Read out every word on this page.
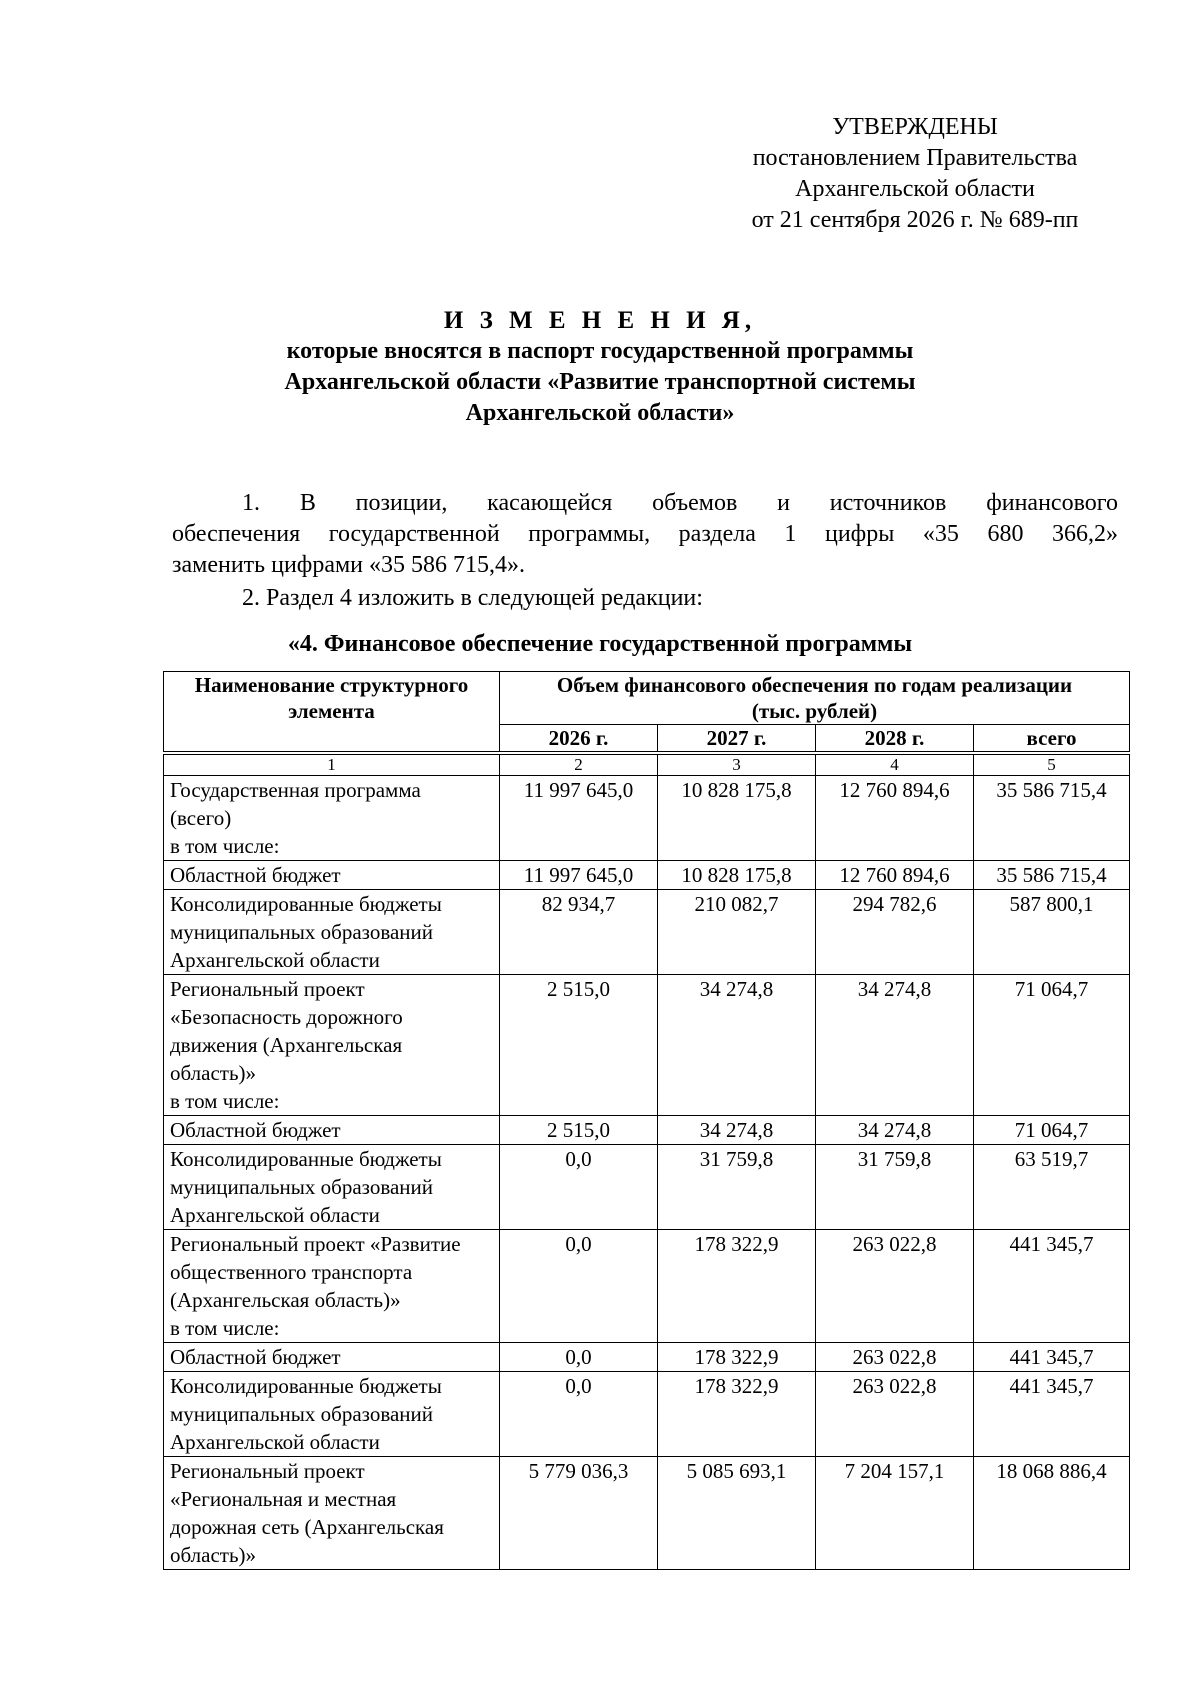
УТВЕРЖДЕНЫ
постановлением Правительства
Архангельской области
от 21 сентября 2026 г. № 689-пп
И З М Е Н Е Н И Я,
которые вносятся в паспорт государственной программы
Архангельской области «Развитие транспортной системы
Архангельской области»
1. В позиции, касающейся объемов и источников финансового
обеспечения государственной программы, раздела 1 цифры «35 680 366,2»
заменить цифрами «35 586 715,4».
2. Раздел 4 изложить в следующей редакции:
«4. Финансовое обеспечение государственной программы
Наименование структурного
элемента	Объем финансового обеспечения по годам реализации
(тыс. рублей)			

	2026 г.	2027 г.	2028 г.	всего

1	2	3	4	5

Государственная программа
(всего)
в том числе:	11 997 645,0	10 828 175,8	12 760 894,6	35 586 715,4

Областной бюджет	11 997 645,0	10 828 175,8	12 760 894,6	35 586 715,4

Консолидированные бюджеты
муниципальных образований
Архангельской области	82 934,7	210 082,7	294 782,6	587 800,1

Региональный проект
«Безопасность дорожного
движения (Архангельская
область)»
в том числе:	2 515,0	34 274,8	34 274,8	71 064,7

Областной бюджет	2 515,0	34 274,8	34 274,8	71 064,7

Консолидированные бюджеты
муниципальных образований
Архангельской области	0,0	31 759,8	31 759,8	63 519,7

Региональный проект «Развитие
общественного транспорта
(Архангельская область)»
в том числе:	0,0	178 322,9	263 022,8	441 345,7

Областной бюджет	0,0	178 322,9	263 022,8	441 345,7

Консолидированные бюджеты
муниципальных образований
Архангельской области	0,0	178 322,9	263 022,8	441 345,7

Региональный проект
«Региональная и местная
дорожная сеть (Архангельская
область)»	5 779 036,3	5 085 693,1	7 204 157,1	18 068 886,4
